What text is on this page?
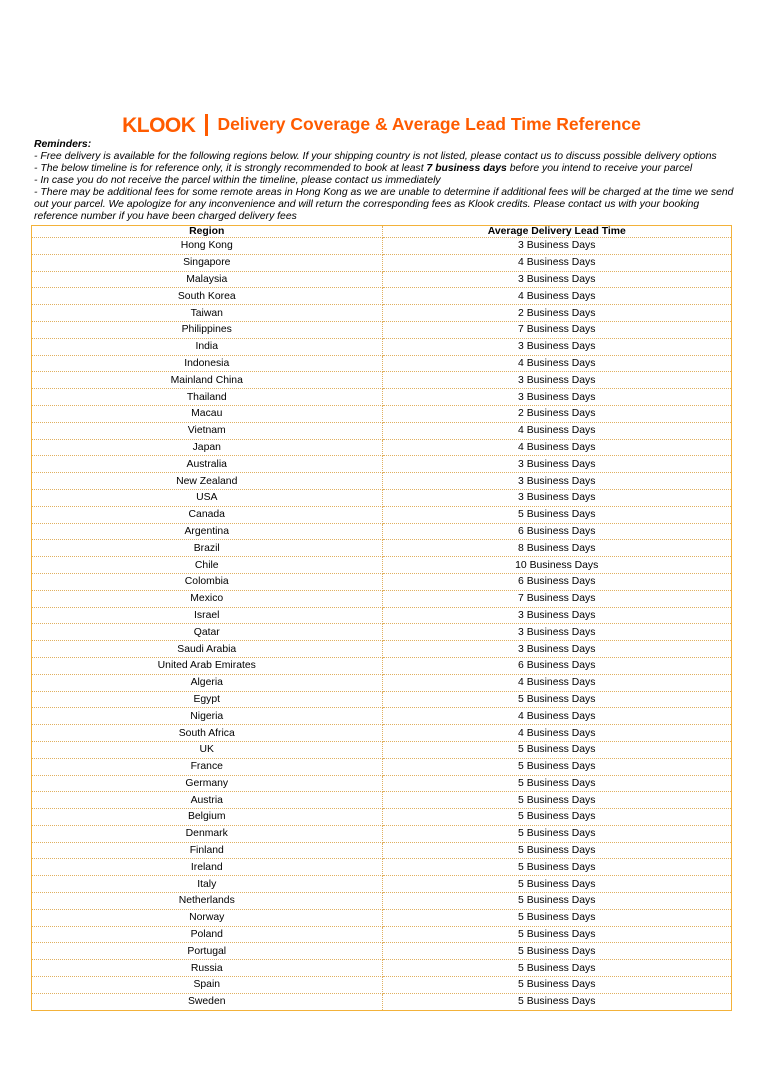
KLOOK Delivery Coverage & Average Lead Time Reference

Reminders:

- Free delivery is available for the following regions below. If your shipping country is not listed, please contact us to discuss possible delivery options

- The below timeline is for reference only, it is strongly recommended to book at least 7 business days before you intend to receive your parcel

- In case you do not receive the parcel within the timeline, please contact us immediately

- There may be additional fees for some remote areas in Hong Kong as we are unable to determine if additional fees will be charged at the time we send out your parcel. We apologize for any inconvenience and will return the corresponding fees as Klook credits. Please contact us with your booking reference number if you have been charged delivery fees

Region	Average Delivery Lead Time
Hong Kong	3 Business Days
Singapore	4 Business Days
Malaysia	3 Business Days
South Korea	4 Business Days
Taiwan	2 Business Days
Philippines	7 Business Days
India	3 Business Days
Indonesia	4 Business Days
Mainland China	3 Business Days
Thailand	3 Business Days
Macau	2 Business Days
Vietnam	4 Business Days
Japan	4 Business Days
Australia	3 Business Days
New Zealand	3 Business Days
USA	3 Business Days
Canada	5 Business Days
Argentina	6 Business Days
Brazil	8 Business Days
Chile	10 Business Days
Colombia	6 Business Days
Mexico	7 Business Days
Israel	3 Business Days
Qatar	3 Business Days
Saudi Arabia	3 Business Days
United Arab Emirates	6 Business Days
Algeria	4 Business Days
Egypt	5 Business Days
Nigeria	4 Business Days
South Africa	4 Business Days
UK	5 Business Days
France	5 Business Days
Germany	5 Business Days
Austria	5 Business Days
Belgium	5 Business Days
Denmark	5 Business Days
Finland	5 Business Days
Ireland	5 Business Days
Italy	5 Business Days
Netherlands	5 Business Days
Norway	5 Business Days
Poland	5 Business Days
Portugal	5 Business Days
Russia	5 Business Days
Spain	5 Business Days
Sweden	5 Business Days
